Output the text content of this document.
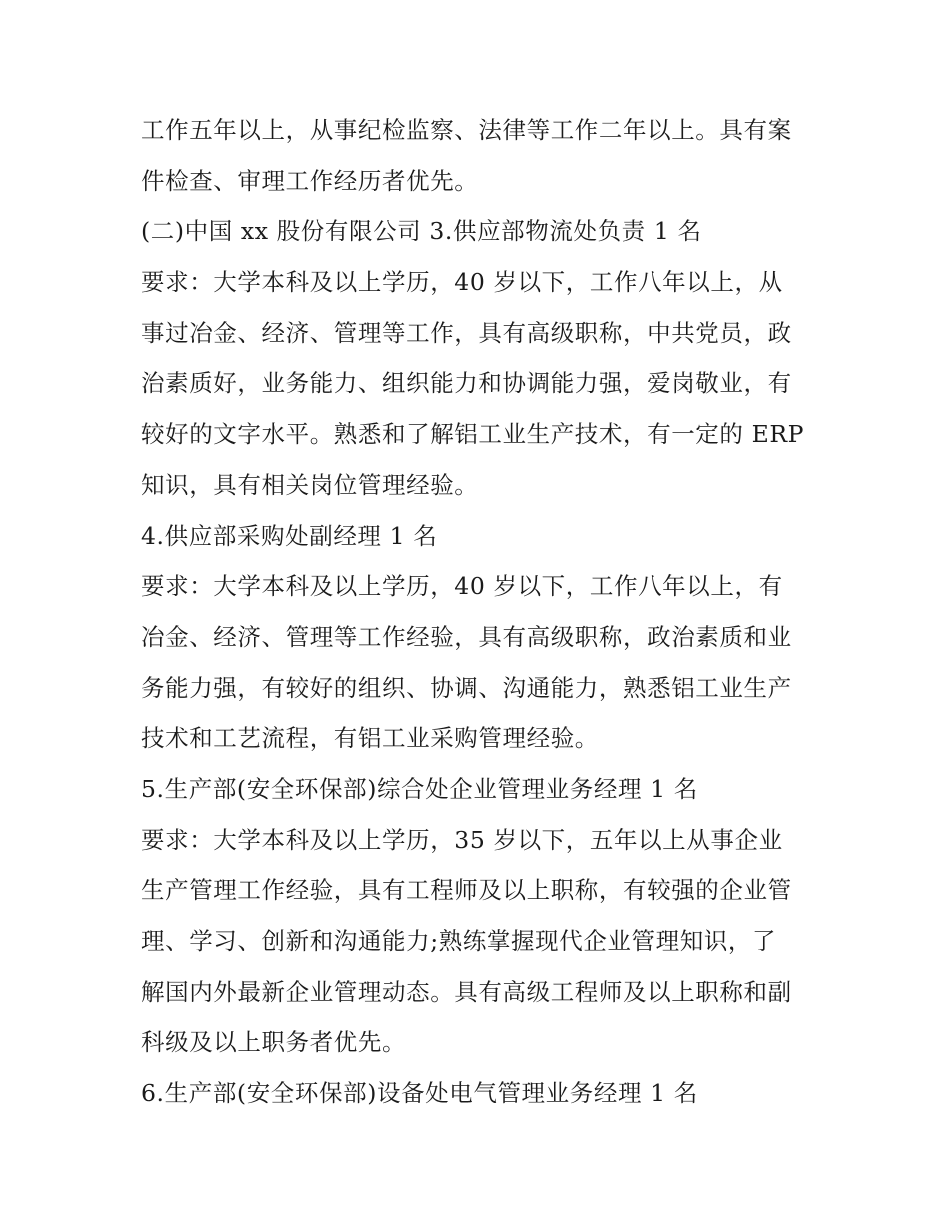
工作五年以上，从事纪检监察、法律等工作二年以上。具有案
件检查、审理工作经历者优先。
(二)中国 xx 股份有限公司 3.供应部物流处负责 1 名
要求：大学本科及以上学历，40 岁以下，工作八年以上，从
事过冶金、经济、管理等工作，具有高级职称，中共党员，政
治素质好，业务能力、组织能力和协调能力强，爱岗敬业，有
较好的文字水平。熟悉和了解铝工业生产技术，有一定的 ERP
知识，具有相关岗位管理经验。
4.供应部采购处副经理 1 名
要求：大学本科及以上学历，40 岁以下，工作八年以上，有
冶金、经济、管理等工作经验，具有高级职称，政治素质和业
务能力强，有较好的组织、协调、沟通能力，熟悉铝工业生产
技术和工艺流程，有铝工业采购管理经验。
5.生产部(安全环保部)综合处企业管理业务经理 1 名
要求：大学本科及以上学历，35 岁以下，五年以上从事企业
生产管理工作经验，具有工程师及以上职称，有较强的企业管
理、学习、创新和沟通能力;熟练掌握现代企业管理知识，了
解国内外最新企业管理动态。具有高级工程师及以上职称和副
科级及以上职务者优先。
6.生产部(安全环保部)设备处电气管理业务经理 1 名
